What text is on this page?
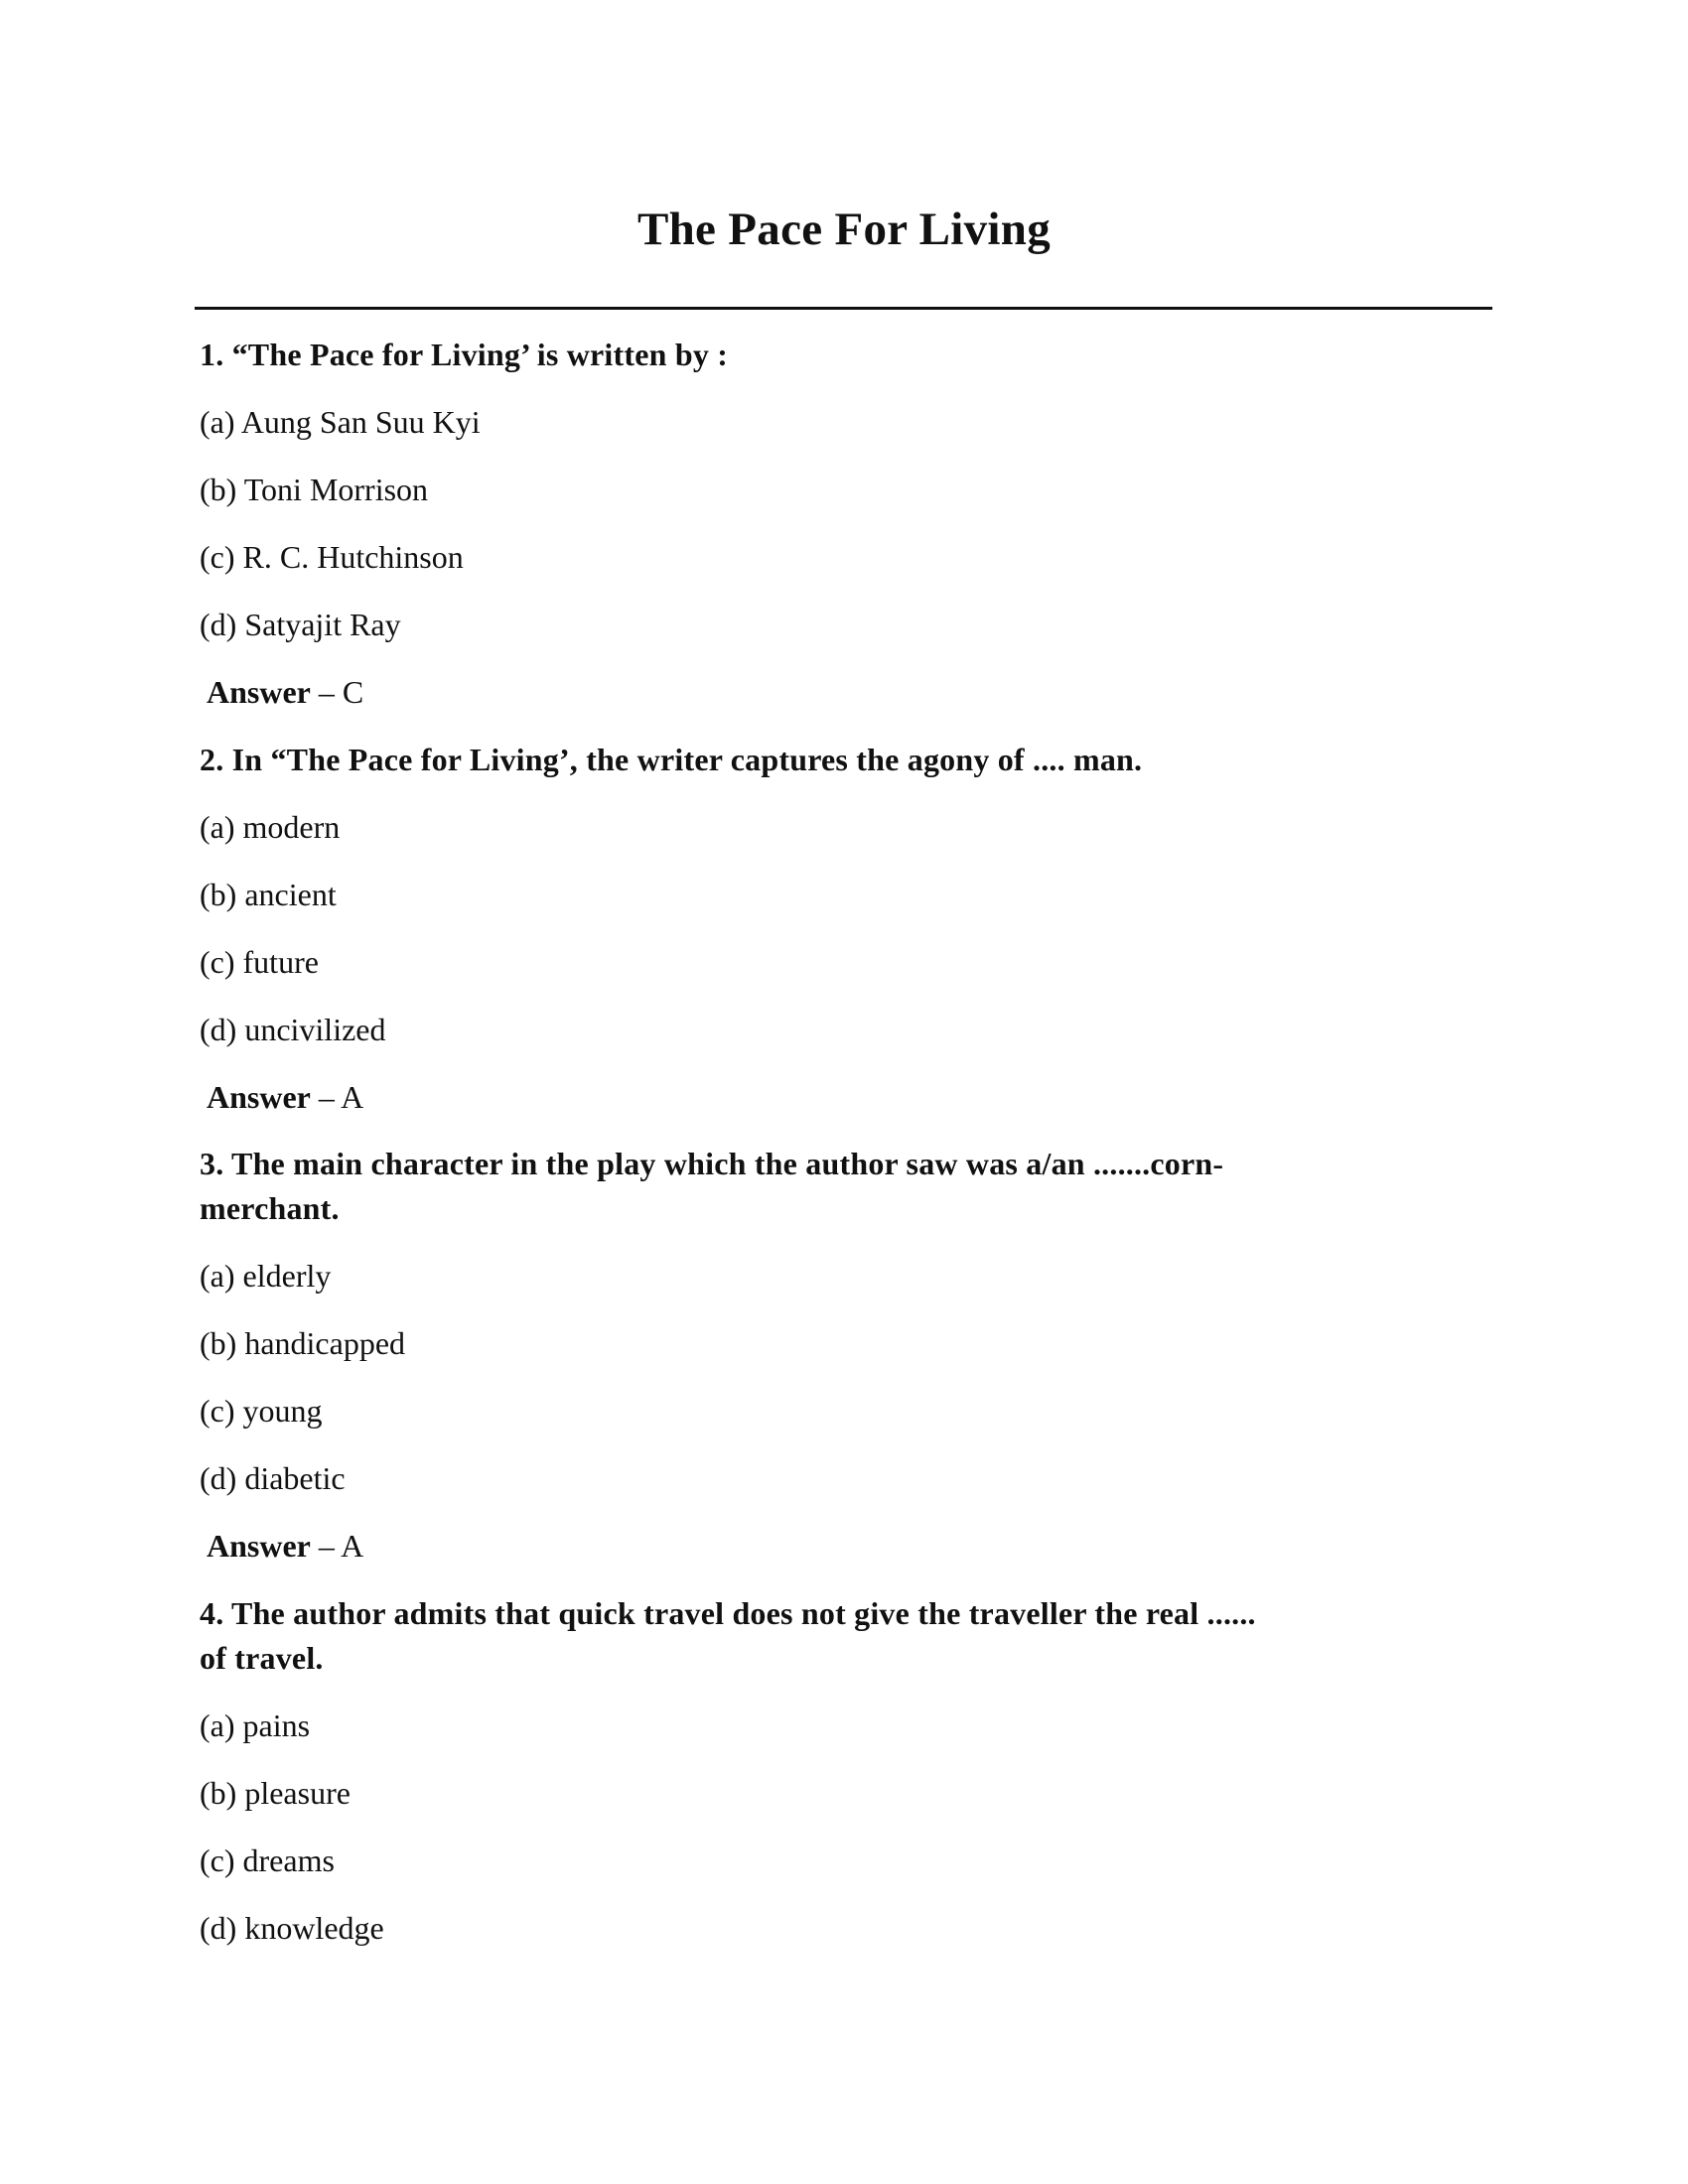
The Pace For Living
1. “The Pace for Living’ is written by :
(a) Aung San Suu Kyi
(b) Toni Morrison
(c) R. C. Hutchinson
(d) Satyajit Ray
Answer – C
2. In “The Pace for Living’, the writer captures the agony of .... man.
(a) modern
(b) ancient
(c) future
(d) uncivilized
Answer – A
3. The main character in the play which the author saw was a/an .......corn-
merchant.
(a) elderly
(b) handicapped
(c) young
(d) diabetic
Answer – A
4. The author admits that quick travel does not give the traveller the real ......
of travel.
(a) pains
(b) pleasure
(c) dreams
(d) knowledge
